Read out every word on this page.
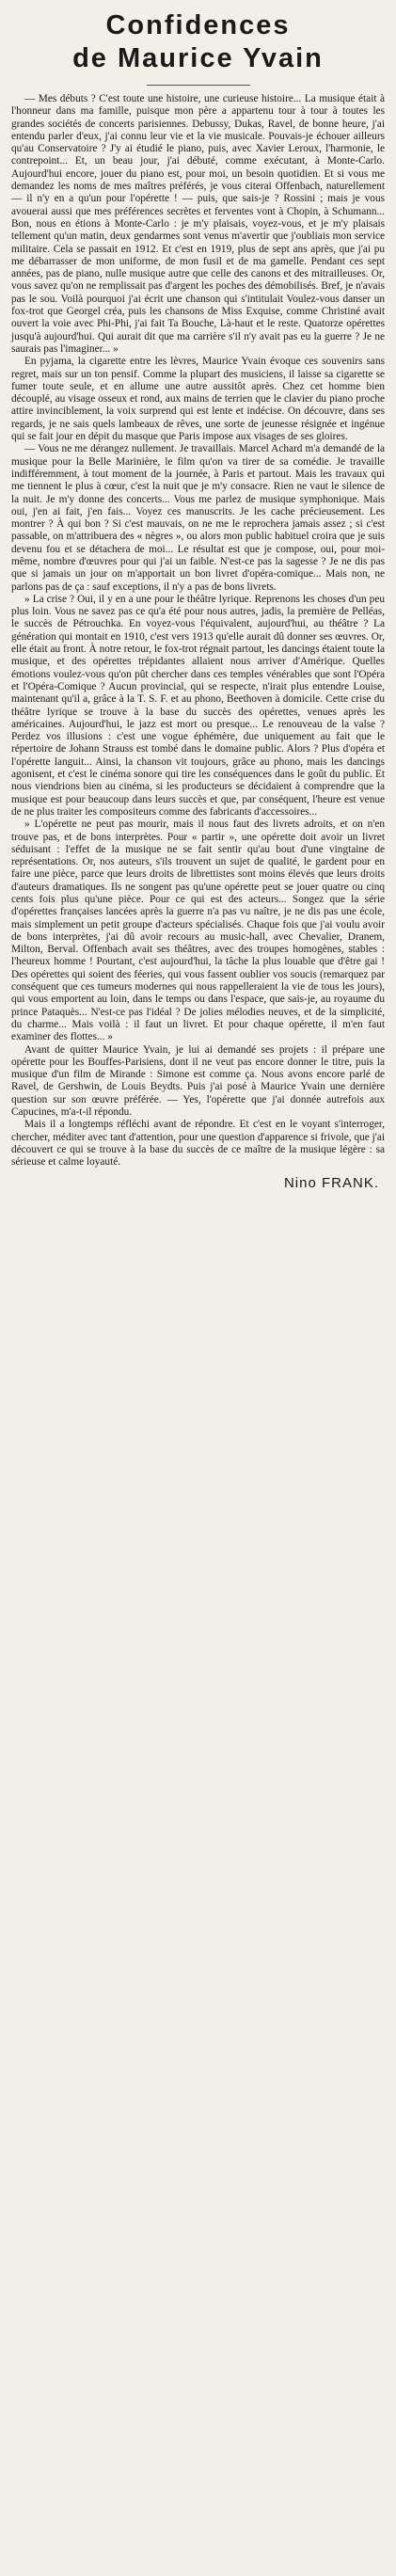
Confidences
de Maurice Yvain

— Mes débuts ? C'est toute une histoire, une curieuse histoire... La musique était à l'honneur dans ma famille, puisque mon père a appartenu tour à tour à toutes les grandes sociétés de concerts parisiennes. Debussy, Dukas, Ravel, de bonne heure, j'ai entendu parler d'eux, j'ai connu leur vie et la vie musicale. Pouvais-je échouer ailleurs qu'au Conservatoire ? J'y ai étudié le piano, puis, avec Xavier Leroux, l'harmonie, le contrepoint... Et, un beau jour, j'ai débuté, comme exécutant, à Monte-Carlo. Aujourd'hui encore, jouer du piano est, pour moi, un besoin quotidien. Et si vous me demandez les noms de mes maîtres préférés, je vous citerai Offenbach, naturellement — il n'y en a qu'un pour l'opérette ! — puis, que sais-je ? Rossini ; mais je vous avouerai aussi que mes préférences secrètes et ferventes vont à Chopin, à Schumann... Bon, nous en étions à Monte-Carlo : je m'y plaisais, voyez-vous, et je m'y plaisais tellement qu'un matin, deux gendarmes sont venus m'avertir que j'oubliais mon service militaire. Cela se passait en 1912. Et c'est en 1919, plus de sept ans après, que j'ai pu me débarrasser de mon uniforme, de mon fusil et de ma gamelle. Pendant ces sept années, pas de piano, nulle musique autre que celle des canons et des mitrailleuses. Or, vous savez qu'on ne remplissait pas d'argent les poches des démobilisés. Bref, je n'avais pas le sou. Voilà pourquoi j'ai écrit une chanson qui s'intitulait Voulez-vous danser un fox-trot que Georgel créa, puis les chansons de Miss Exquise, comme Christiné avait ouvert la voie avec Phi-Phi, j'ai fait Ta Bouche, Là-haut et le reste. Quatorze opérettes jusqu'à aujourd'hui. Qui aurait dit que ma carrière s'il n'y avait pas eu la guerre ? Je ne saurais pas l'imaginer... »

En pyjama, la cigarette entre les lèvres, Maurice Yvain évoque ces souvenirs sans regret, mais sur un ton pensif. Comme la plupart des musiciens, il laisse sa cigarette se fumer toute seule, et en allume une autre aussitôt après. Chez cet homme bien découplé, au visage osseux et rond, aux mains de terrien que le clavier du piano proche attire invinciblement, la voix surprend qui est lente et indécise. On découvre, dans ses regards, je ne sais quels lambeaux de rêves, une sorte de jeunesse résignée et ingénue qui se fait jour en dépit du masque que Paris impose aux visages de ses gloires.

— Vous ne me dérangez nullement. Je travaillais. Marcel Achard m'a demandé de la musique pour la Belle Marinière, le film qu'on va tirer de sa comédie. Je travaille indifféremment, à tout moment de la journée, à Paris et partout. Mais les travaux qui me tiennent le plus à cœur, c'est la nuit que je m'y consacre. Rien ne vaut le silence de la nuit. Je m'y donne des concerts... Vous me parlez de musique symphonique. Mais oui, j'en ai fait, j'en fais... Voyez ces manuscrits. Je les cache précieusement. Les montrer ? À qui bon ? Si c'est mauvais, on ne me le reprochera jamais assez ; si c'est passable, on m'attribuera des « nègres », ou alors mon public habituel croira que je suis devenu fou et se détachera de moi... Le résultat est que je compose, oui, pour moi-même, nombre d'œuvres pour qui j'ai un faible. N'est-ce pas la sagesse ? Je ne dis pas que si jamais un jour on m'apportait un bon livret d'opéra-comique... Mais non, ne parlons pas de ça : sauf exceptions, il n'y a pas de bons livrets.

» La crise ? Oui, il y en a une pour le théâtre lyrique. Reprenons les choses d'un peu plus loin. Vous ne savez pas ce qu'a été pour nous autres, jadis, la première de Pelléas, le succès de Pétrouchka. En voyez-vous l'équivalent, aujourd'hui, au théâtre ? La génération qui montait en 1910, c'est vers 1913 qu'elle aurait dû donner ses œuvres. Or, elle était au front. À notre retour, le fox-trot régnait partout, les dancings étaient toute la musique, et des opérettes trépidantes allaient nous arriver d'Amérique. Quelles émotions voulez-vous qu'on pût chercher dans ces temples vénérables que sont l'Opéra et l'Opéra-Comique ? Aucun provincial, qui se respecte, n'irait plus entendre Louise, maintenant qu'il a, grâce à la T. S. F. et au phono, Beethoven à domicile. Cette crise du théâtre lyrique se trouve à la base du succès des opérettes, venues après les américaines. Aujourd'hui, le jazz est mort ou presque... Le renouveau de la valse ? Perdez vos illusions : c'est une vogue éphémère, due uniquement au fait que le répertoire de Johann Strauss est tombé dans le domaine public. Alors ? Plus d'opéra et l'opérette languit... Ainsi, la chanson vit toujours, grâce au phono, mais les dancings agonisent, et c'est le cinéma sonore qui tire les conséquences dans le goût du public. Et nous viendrions bien au cinéma, si les producteurs se décidaient à comprendre que la musique est pour beaucoup dans leurs succès et que, par conséquent, l'heure est venue de ne plus traiter les compositeurs comme des fabricants d'accessoires...

» L'opérette ne peut pas mourir, mais il nous faut des livrets adroits, et on n'en trouve pas, et de bons interprètes. Pour « partir », une opérette doit avoir un livret séduisant : l'effet de la musique ne se fait sentir qu'au bout d'une vingtaine de représentations. Or, nos auteurs, s'ils trouvent un sujet de qualité, le gardent pour en faire une pièce, parce que leurs droits de librettistes sont moins élevés que leurs droits d'auteurs dramatiques. Ils ne songent pas qu'une opérette peut se jouer quatre ou cinq cents fois plus qu'une pièce. Pour ce qui est des acteurs... Songez que la série d'opérettes françaises lancées après la guerre n'a pas vu naître, je ne dis pas une école, mais simplement un petit groupe d'acteurs spécialisés. Chaque fois que j'ai voulu avoir de bons interprètes, j'ai dû avoir recours au music-hall, avec Chevalier, Dranem, Milton, Berval. Offenbach avait ses théâtres, avec des troupes homogènes, stables : l'heureux homme ! Pourtant, c'est aujourd'hui, la tâche la plus louable que d'être gai ! Des opérettes qui soient des féeries, qui vous fassent oublier vos soucis (remarquez par conséquent que ces tumeurs modernes qui nous rappelleraient la vie de tous les jours), qui vous emportent au loin, dans le temps ou dans l'espace, que sais-je, au royaume du prince Pataquès... N'est-ce pas l'idéal ? De jolies mélodies neuves, et de la simplicité, du charme... Mais voilà : il faut un livret. Et pour chaque opérette, il m'en faut examiner des flottes... »

Avant de quitter Maurice Yvain, je lui ai demandé ses projets : il prépare une opérette pour les Bouffes-Parisiens, dont il ne veut pas encore donner le titre, puis la musique d'un film de Mirande : Simone est comme ça. Nous avons encore parlé de Ravel, de Gershwin, de Louis Beydts. Puis j'ai posé à Maurice Yvain une dernière question sur son œuvre préférée. — Yes, l'opérette que j'ai donnée autrefois aux Capucines, m'a-t-il répondu.

Mais il a longtemps réfléchi avant de répondre. Et c'est en le voyant s'interroger, chercher, méditer avec tant d'attention, pour une question d'apparence si frivole, que j'ai découvert ce qui se trouve à la base du succès de ce maître de la musique légère : sa sérieuse et calme loyauté.

Nino FRANK.
